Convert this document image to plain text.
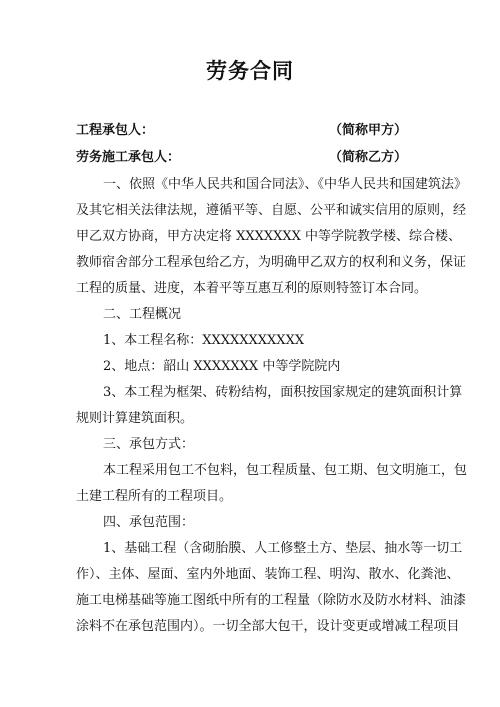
劳务合同
工程承包人：	（简称甲方）
劳务施工承包人：	（简称乙方）
一、依照《中华人民共和国合同法》、《中华人民共和国建筑法》
及其它相关法律法规，遵循平等、自愿、公平和诚实信用的原则，经
甲乙双方协商，甲方决定将 XXXXXXX 中等学院教学楼、综合楼、
教师宿舍部分工程承包给乙方，为明确甲乙双方的权利和义务，保证
工程的质量、进度，本着平等互惠互利的原则特签订本合同。
二、工程概况
1、本工程名称：XXXXXXXXXXX
2、地点：韶山 XXXXXXX 中等学院院内
3、本工程为框架、砖粉结构，面积按国家规定的建筑面积计算
规则计算建筑面积。
三、承包方式：
本工程采用包工不包料，包工程质量、包工期、包文明施工，包
土建工程所有的工程项目。
四、承包范围：
1、基础工程（含砌胎膜、人工修整土方、垫层、抽水等一切工
作）、主体、屋面、室内外地面、装饰工程、明沟、散水、化粪池、
施工电梯基础等施工图纸中所有的工程量（除防水及防水材料、油漆
涂料不在承包范围内）。一切全部大包干，设计变更或增减工程项目
